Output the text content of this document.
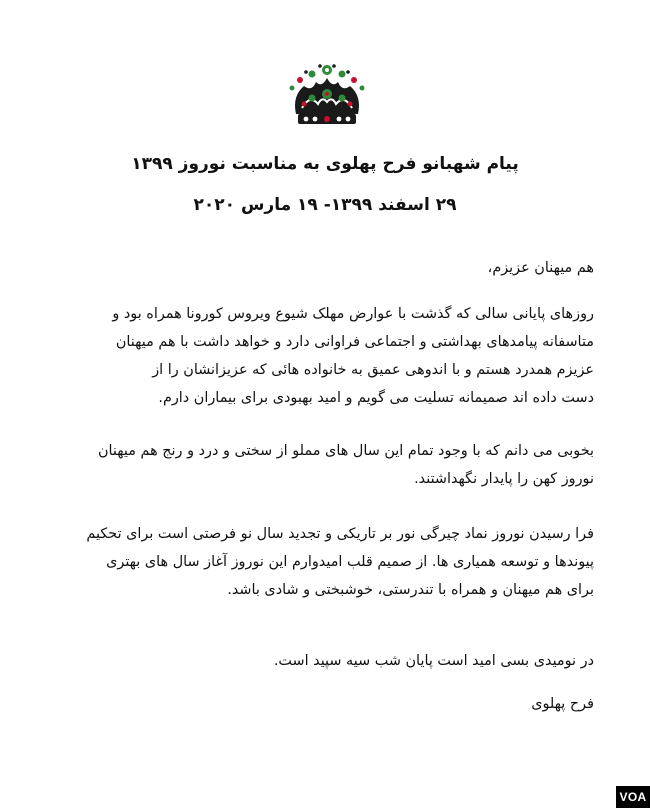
پیام شهبانو فرح پهلوی به مناسبت نوروز ۱۳۹۹
۲۹ اسفند ۱۳۹۹- ۱۹ مارس ۲۰۲۰
هم میهنان عزیزم،
روزهای پایانی سالی که گذشت با عوارض مهلک شیوع ویروس کورونا همراه بود و
متاسفانه پیامدهای بهداشتی و اجتماعی فراوانی دارد و خواهد داشت با هم میهنان
عزیزم همدرد هستم و با اندوهی عمیق به خانواده هائی که عزیزانشان را از
دست داده اند صمیمانه تسلیت می گویم و امید بهبودی برای بیماران دارم.
بخوبی می دانم که با وجود تمام این سال های مملو از سختی و درد و رنج هم میهنان
نوروز کهن را پایدار نگهداشتند.
فرا رسیدن نوروز نماد چیرگی نور بر تاریکی و تجدید سال نو فرصتی است برای تحکیم
پیوندها و توسعه همیاری ها. از صمیم قلب امیدوارم این نوروز آغاز سال های بهتری
برای هم میهنان و همراه با تندرستی، خوشبختی و شادی باشد.
در نومیدی بسی امید است پایان شب سیه سپید است.
فرح پهلوی
VOA
